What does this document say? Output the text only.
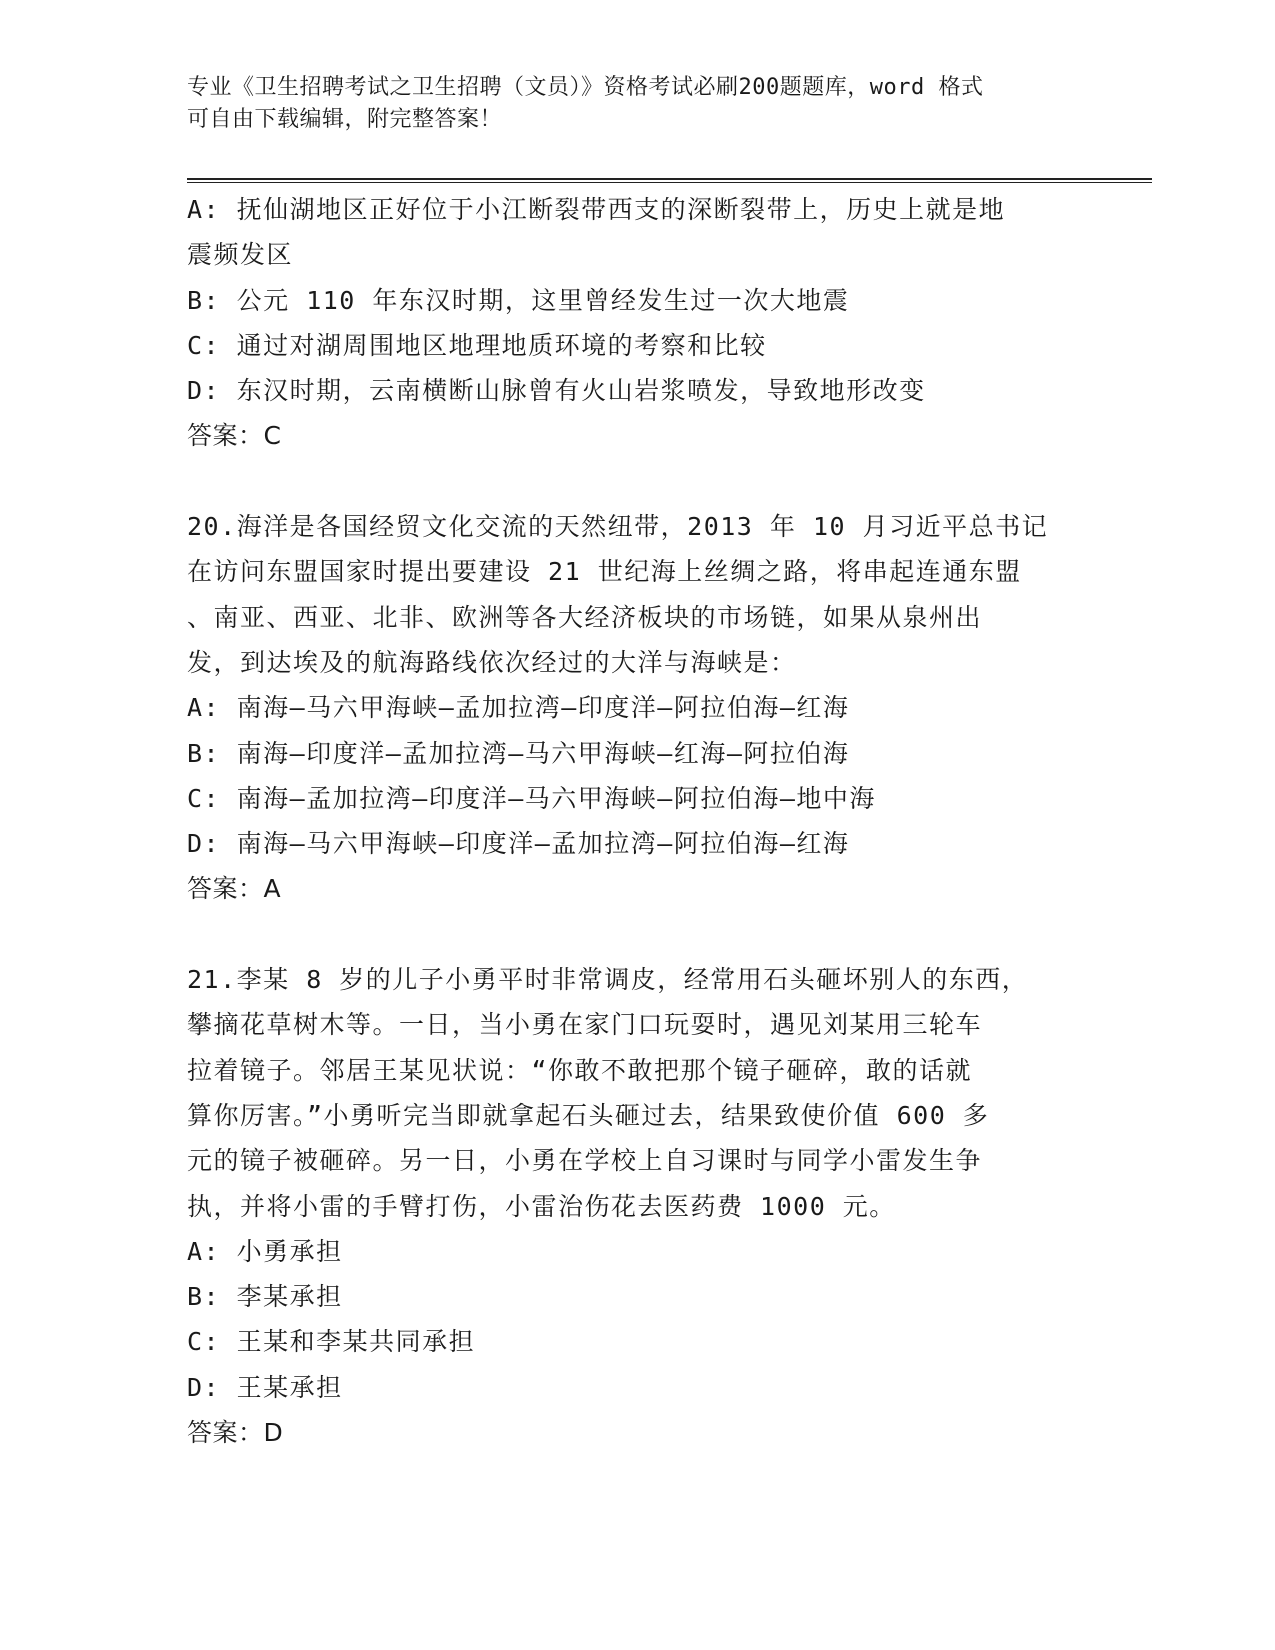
专业《卫生招聘考试之卫生招聘（文员）》资格考试必刷200题题库，word 格式
可自由下载编辑，附完整答案！
A: 抚仙湖地区正好位于小江断裂带西支的深断裂带上，历史上就是地
震频发区
B: 公元 110 年东汉时期，这里曾经发生过一次大地震
C: 通过对湖周围地区地理地质环境的考察和比较
D: 东汉时期，云南横断山脉曾有火山岩浆喷发，导致地形改变
答案：C
20.海洋是各国经贸文化交流的天然纽带，2013 年 10 月习近平总书记
在访问东盟国家时提出要建设 21 世纪海上丝绸之路，将串起连通东盟
、南亚、西亚、北非、欧洲等各大经济板块的市场链，如果从泉州出
发，到达埃及的航海路线依次经过的大洋与海峡是：
A: 南海—马六甲海峡—孟加拉湾—印度洋—阿拉伯海—红海
B: 南海—印度洋—孟加拉湾—马六甲海峡—红海—阿拉伯海
C: 南海—孟加拉湾—印度洋—马六甲海峡—阿拉伯海—地中海
D: 南海—马六甲海峡—印度洋—孟加拉湾—阿拉伯海—红海
答案：A
21.李某 8 岁的儿子小勇平时非常调皮，经常用石头砸坏别人的东西，
攀摘花草树木等。一日，当小勇在家门口玩耍时，遇见刘某用三轮车
拉着镜子。邻居王某见状说：“你敢不敢把那个镜子砸碎，敢的话就
算你厉害。”小勇听完当即就拿起石头砸过去，结果致使价值 600 多
元的镜子被砸碎。另一日，小勇在学校上自习课时与同学小雷发生争
执，并将小雷的手臂打伤，小雷治伤花去医药费 1000 元。
A: 小勇承担
B: 李某承担
C: 王某和李某共同承担
D: 王某承担
答案：D
